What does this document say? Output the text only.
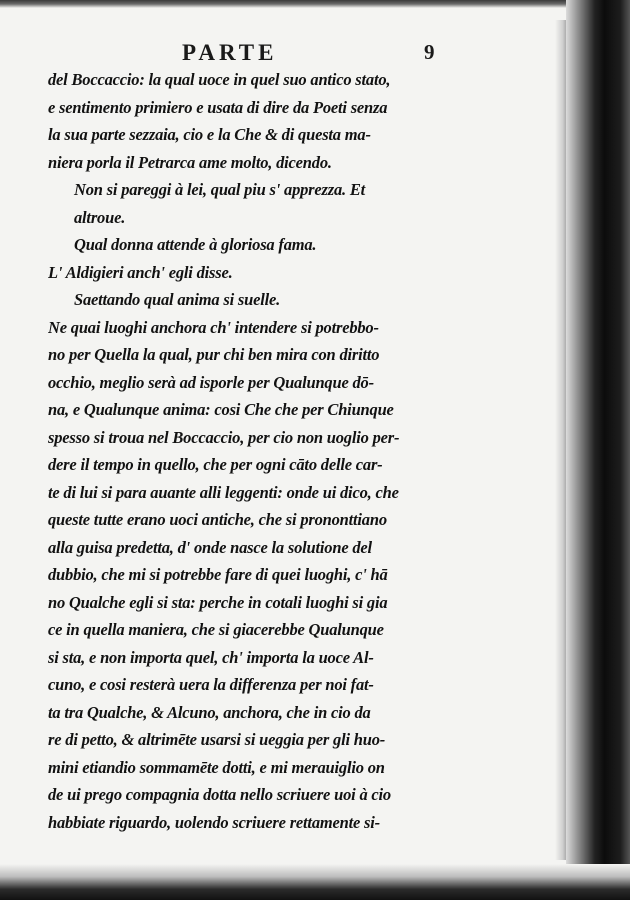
PARTE	9
del Boccaccio: la qual uoce in quel suo antico stato,
e sentimento primiero e usata di dire da Poeti senza
la sua parte sezzaia, cio e la Che & di questa ma-
niera porla il Petrarca ame molto, dicendo.
Non si pareggi à lei, qual piu s' apprezza. Et
altroue.
Qual donna attende à gloriosa fama.
L' Aldigieri anch' egli disse.
Saettando qual anima si suelle.
Ne quai luoghi anchora ch' intendere si potrebbo-
no per Quella la qual, pur chi ben mira con diritto
occhio, meglio serà ad isporle per Qualunque dō-
na, e Qualunque anima: cosi Che che per Chiunque
spesso si troua nel Boccaccio, per cio non uoglio per-
dere il tempo in quello, che per ogni cāto delle car-
te di lui si para auante alli leggenti: onde ui dico, che
queste tutte erano uoci antiche, che si prononttiano
alla guisa predetta, d' onde nasce la solutione del
dubbio, che mi si potrebbe fare di quei luoghi, c' hā
no Qualche egli si sta: perche in cotali luoghi si gia
ce in quella maniera, che si giacerebbe Qualunque
si sta, e non importa quel, ch' importa la uoce Al-
cuno, e cosi resterà uera la differenza per noi fat-
ta tra Qualche, & Alcuno, anchora, che in cio da
re di petto, & altrimēte usarsi si ueggia per gli huo-
mini etiandio sommamēte dotti, e mi merauiglio on
de ui prego compagnia dotta nello scriuere uoi à cio
habbiate riguardo, uolendo scriuere rettamente si-
